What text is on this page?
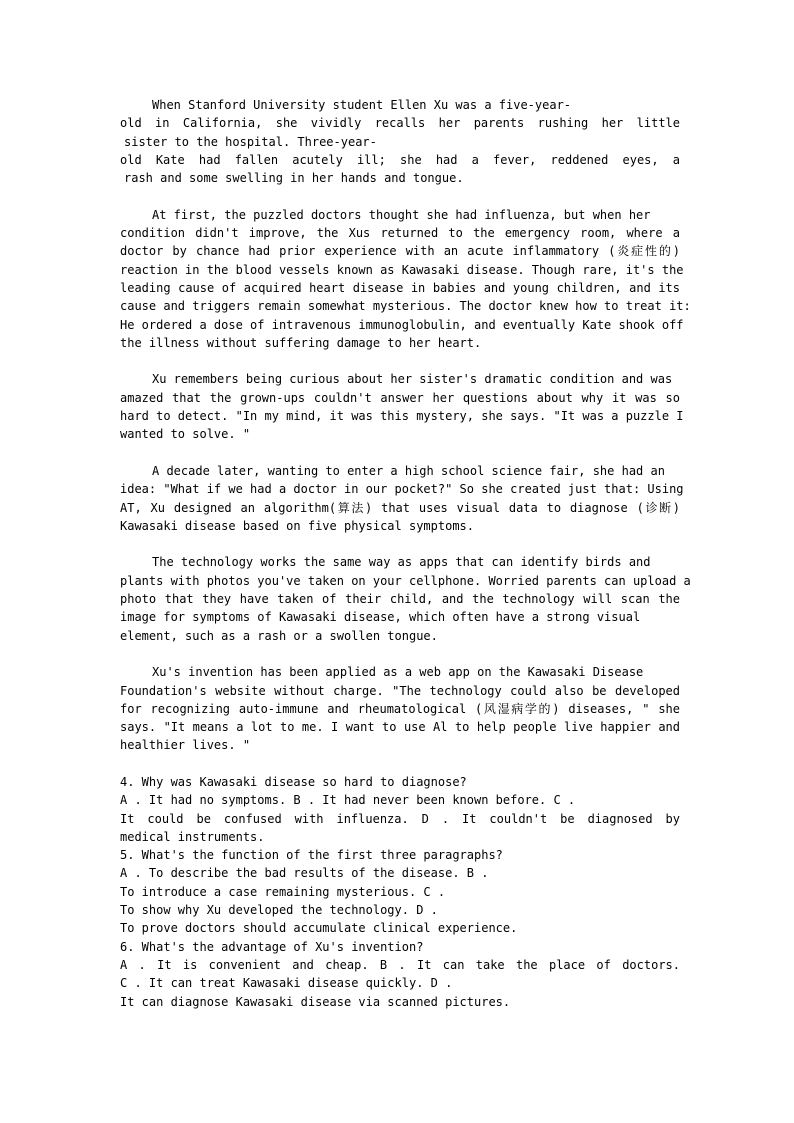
When Stanford University student Ellen Xu was a five-year-
old in California, she vividly recalls her parents rushing her little
sister to the hospital. Three-year-
old Kate had fallen acutely ill; she had a fever, reddened eyes, a
rash and some swelling in her hands and tongue.
At first, the puzzled doctors thought she had influenza, but when her
condition didn't improve, the Xus returned to the emergency room, where a
doctor by chance had prior experience with an acute inflammatory (炎症性的)
reaction in the blood vessels known as Kawasaki disease. Though rare, it's the
leading cause of acquired heart disease in babies and young children, and its
cause and triggers remain somewhat mysterious. The doctor knew how to treat it:
He ordered a dose of intravenous immunoglobulin, and eventually Kate shook off
the illness without suffering damage to her heart.
Xu remembers being curious about her sister's dramatic condition and was
amazed that the grown-ups couldn't answer her questions about why it was so
hard to detect. "In my mind, it was this mystery, she says. "It was a puzzle I
wanted to solve. "
A decade later, wanting to enter a high school science fair, she had an
idea: "What if we had a doctor in our pocket?" So she created just that: Using
AT, Xu designed an algorithm(算法) that uses visual data to diagnose (诊断)
Kawasaki disease based on five physical symptoms.
The technology works the same way as apps that can identify birds and
plants with photos you've taken on your cellphone. Worried parents can upload a
photo that they have taken of their child, and the technology will scan the
image for symptoms of Kawasaki disease, which often have a strong visual
element, such as a rash or a swollen tongue.
Xu's invention has been applied as a web app on the Kawasaki Disease
Foundation's website without charge. "The technology could also be developed
for recognizing auto-immune and rheumatological (风湿病学的) diseases, " she
says. "It means a lot to me. I want to use Al to help people live happier and
healthier lives. "
4. Why was Kawasaki disease so hard to diagnose?
A . It had no symptoms. B . It had never been known before. C .
It could be confused with influenza. D . It couldn't be diagnosed by
medical instruments.
5. What's the function of the first three paragraphs?
A . To describe the bad results of the disease. B .
To introduce a case remaining mysterious. C .
To show why Xu developed the technology. D .
To prove doctors should accumulate clinical experience.
6. What's the advantage of Xu's invention?
A . It is convenient and cheap. B . It can take the place of doctors.
C . It can treat Kawasaki disease quickly. D .
It can diagnose Kawasaki disease via scanned pictures.
